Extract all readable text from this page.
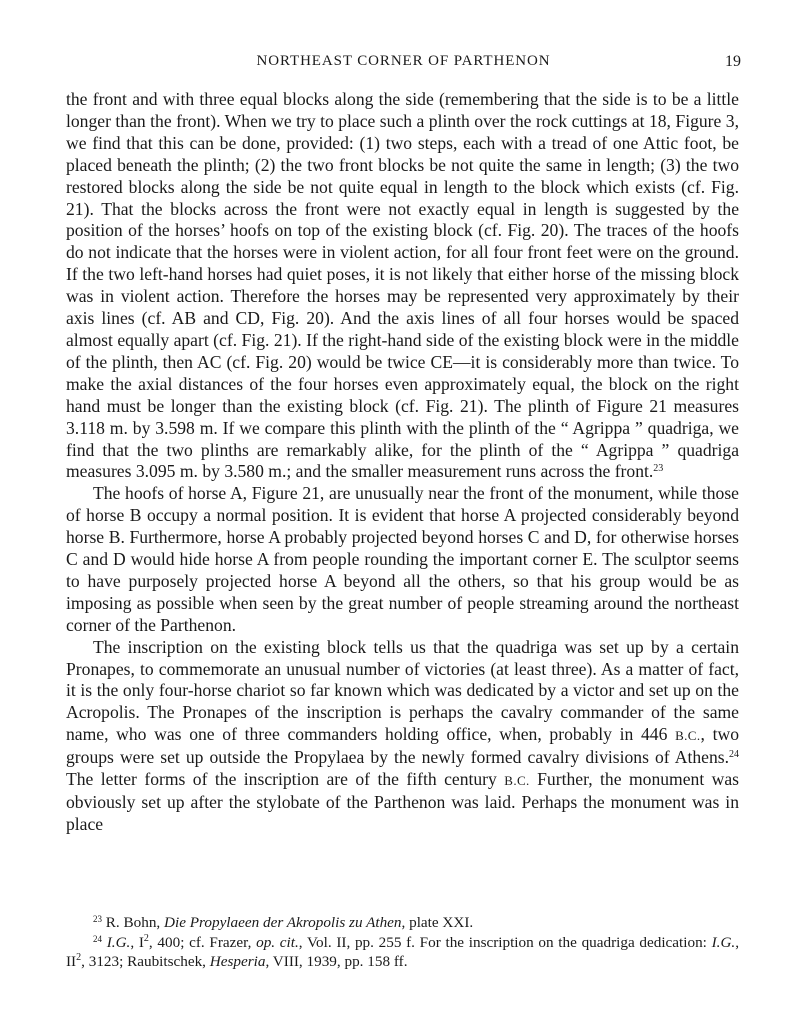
NORTHEAST CORNER OF PARTHENON	19

the front and with three equal blocks along the side (remembering that the side is to be a little longer than the front). When we try to place such a plinth over the rock cuttings at 18, Figure 3, we find that this can be done, provided: (1) two steps, each with a tread of one Attic foot, be placed beneath the plinth; (2) the two front blocks be not quite the same in length; (3) the two restored blocks along the side be not quite equal in length to the block which exists (cf. Fig. 21). That the blocks across the front were not exactly equal in length is suggested by the position of the horses’ hoofs on top of the existing block (cf. Fig. 20). The traces of the hoofs do not indicate that the horses were in violent action, for all four front feet were on the ground. If the two left-hand horses had quiet poses, it is not likely that either horse of the missing block was in violent action. Therefore the horses may be represented very approximately by their axis lines (cf. AB and CD, Fig. 20). And the axis lines of all four horses would be spaced almost equally apart (cf. Fig. 21). If the right-hand side of the existing block were in the middle of the plinth, then AC (cf. Fig. 20) would be twice CE—it is considerably more than twice. To make the axial distances of the four horses even approximately equal, the block on the right hand must be longer than the existing block (cf. Fig. 21). The plinth of Figure 21 measures 3.118 m. by 3.598 m. If we compare this plinth with the plinth of the “ Agrippa ” quadriga, we find that the two plinths are remarkably alike, for the plinth of the “ Agrippa ” quadriga measures 3.095 m. by 3.580 m.; and the smaller measurement runs across the front.$^{23}$

The hoofs of horse A, Figure 21, are unusually near the front of the monument, while those of horse B occupy a normal position. It is evident that horse A projected considerably beyond horse B. Furthermore, horse A probably projected beyond horses C and D, for otherwise horses C and D would hide horse A from people rounding the important corner E. The sculptor seems to have purposely projected horse A beyond all the others, so that his group would be as imposing as possible when seen by the great number of people streaming around the northeast corner of the Parthenon.

The inscription on the existing block tells us that the quadriga was set up by a certain Pronapes, to commemorate an unusual number of victories (at least three). As a matter of fact, it is the only four-horse chariot so far known which was dedicated by a victor and set up on the Acropolis. The Pronapes of the inscription is perhaps the cavalry commander of the same name, who was one of three commanders holding office, when, probably in 446 B.C., two groups were set up outside the Propylaea by the newly formed cavalry divisions of Athens.$^{24}$ The letter forms of the inscription are of the fifth century B.C. Further, the monument was obviously set up after the stylobate of the Parthenon was laid. Perhaps the monument was in place

$^{23}$ R. Bohn, Die Propylaeen der Akropolis zu Athen, plate XXI.

$^{24}$ I.G., $I^2$, 400; cf. Frazer, op. cit., Vol. II, pp. 255 f. For the inscription on the quadriga dedication: I.G., $II^2$, 3123; Raubitschek, Hesperia, VIII, 1939, pp. 158 ff.
